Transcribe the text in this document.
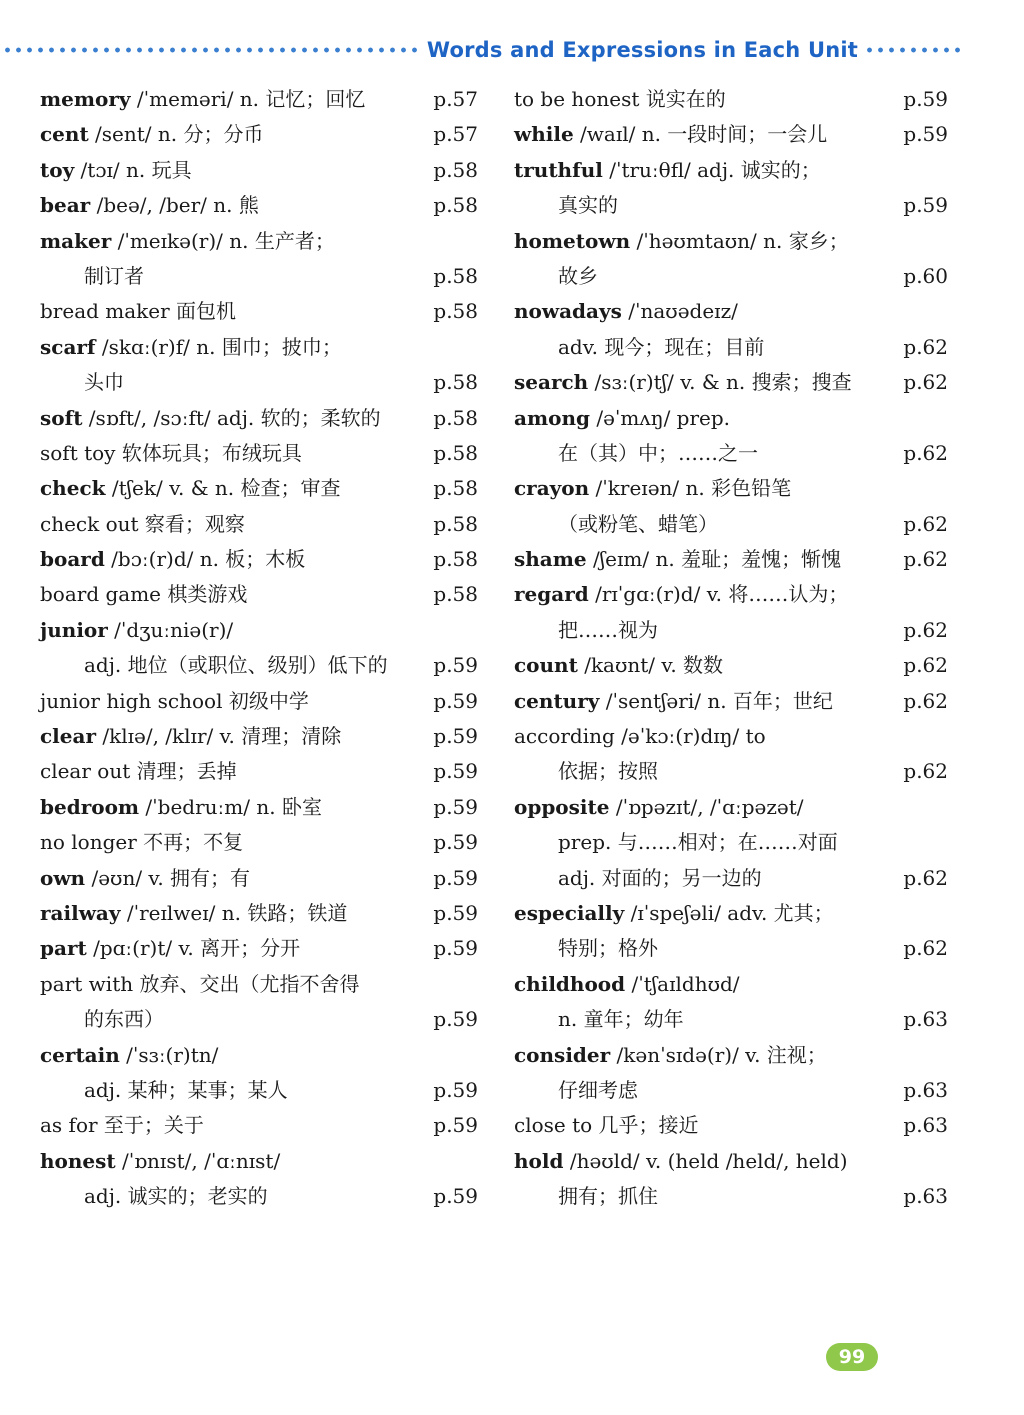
Words and Expressions in Each Unit
memory /ˈmemәri/ n. 记忆；回忆	p.57
cent /sent/ n. 分；分币	p.57
toy /tɔɪ/ n. 玩具	p.58
bear /beә/, /ber/ n. 熊	p.58
maker /ˈmeɪkә(r)/ n. 生产者；
制订者	p.58
bread maker 面包机	p.58
scarf /skɑː(r)f/ n. 围巾；披巾；
头巾	p.58
soft /sɒft/, /sɔːft/ adj. 软的；柔软的	p.58
soft toy 软体玩具；布绒玩具	p.58
check /tʃek/ v. & n. 检查；审查	p.58
check out 察看；观察	p.58
board /bɔː(r)d/ n. 板；木板	p.58
board game 棋类游戏	p.58
junior /ˈdʒuːniә(r)/
adj. 地位（或职位、级别）低下的 p.59
junior high school 初级中学	p.59
clear /klɪә/, /klɪr/ v. 清理；清除	p.59
clear out 清理；丢掉	p.59
bedroom /ˈbedruːm/ n. 卧室	p.59
no longer 不再；不复	p.59
own /әʊn/ v. 拥有；有	p.59
railway /ˈreɪlweɪ/ n. 铁路；铁道	p.59
part /pɑː(r)t/ v. 离开；分开	p.59
part with 放弃、交出（尤指不舍得
的东西）	p.59
certain /ˈsɜː(r)tn/
adj. 某种；某事；某人	p.59
as for 至于；关于	p.59
honest /ˈɒnɪst/, /ˈɑːnɪst/
adj. 诚实的；老实的	p.59
to be honest 说实在的	p.59
while /waɪl/ n. 一段时间；一会儿	p.59
truthful /ˈtruːθfl/ adj. 诚实的；
真实的	p.59
hometown /ˈhәʊmtaʊn/ n. 家乡；
故乡	p.60
nowadays /ˈnaʊәdeɪz/
adv. 现今；现在；目前	p.62
search /sɜː(r)tʃ/ v. & n. 搜索；搜查	p.62
among /әˈmʌŋ/ prep.
在（其）中；……之一	p.62
crayon /ˈkreɪәn/ n. 彩色铅笔
（或粉笔、蜡笔）	p.62
shame /ʃeɪm/ n. 羞耻；羞愧；惭愧	p.62
regard /rɪˈgɑː(r)d/ v. 将……认为；
把……视为	p.62
count /kaʊnt/ v. 数数	p.62
century /ˈsentʃәri/ n. 百年；世纪	p.62
according /әˈkɔː(r)dɪŋ/ to
依据；按照	p.62
opposite /ˈɒpәzɪt/, /ˈɑːpәzәt/
prep. 与……相对；在……对面
adj. 对面的；另一边的	p.62
especially /ɪˈspeʃәli/ adv. 尤其；
特别；格外	p.62
childhood /ˈtʃaɪldhʊd/
n. 童年；幼年	p.63
consider /kәnˈsɪdә(r)/ v. 注视；
仔细考虑	p.63
close to 几乎；接近	p.63
hold /hәʊld/ v. (held /held/, held)
拥有；抓住	p.63
99
